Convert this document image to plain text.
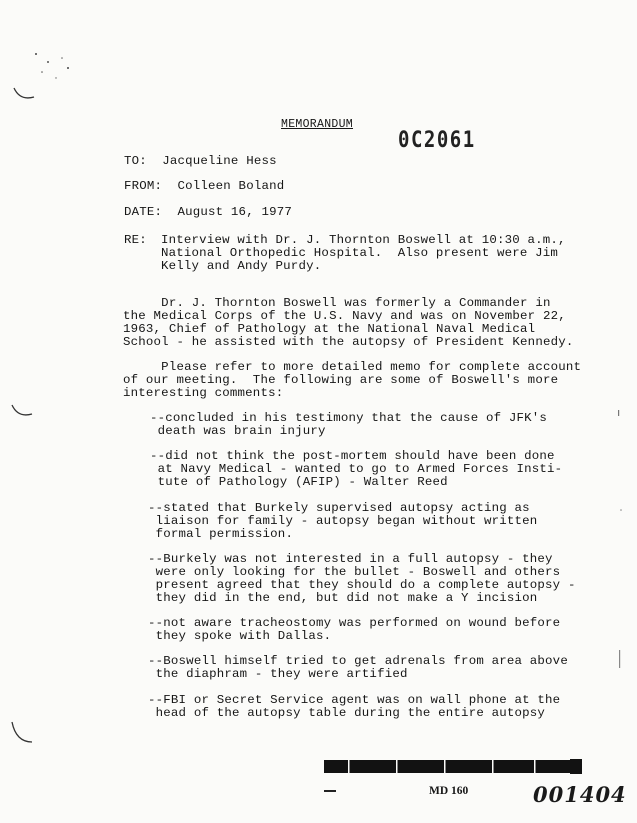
MEMORANDUM
0C2061
TO: Jacqueline Hess
FROM: Colleen Boland
DATE: August 16, 1977
RE: Interview with Dr. J. Thornton Boswell at 10:30 a.m.,
National Orthopedic Hospital.  Also present were Jim
Kelly and Andy Purdy.
Dr. J. Thornton Boswell was formerly a Commander in
the Medical Corps of the U.S. Navy and was on November 22,
1963, Chief of Pathology at the National Naval Medical
School - he assisted with the autopsy of President Kennedy.
Please refer to more detailed memo for complete account
of our meeting.  The following are some of Boswell's more
interesting comments:
--concluded in his testimony that the cause of JFK's
death was brain injury
--did not think the post-mortem should have been done
at Navy Medical - wanted to go to Armed Forces Insti-
tute of Pathology (AFIP) - Walter Reed
--stated that Burkely supervised autopsy acting as
liaison for family - autopsy began without written
formal permission.
--Burkely was not interested in a full autopsy - they
were only looking for the bullet - Boswell and others
present agreed that they should do a complete autopsy -
they did in the end, but did not make a Y incision
--not aware tracheostomy was performed on wound before
they spoke with Dallas.
--Boswell himself tried to get adrenals from area above
the diaphram - they were artified
--FBI or Secret Service agent was on wall phone at the
head of the autopsy table during the entire autopsy
MD 160	001404
